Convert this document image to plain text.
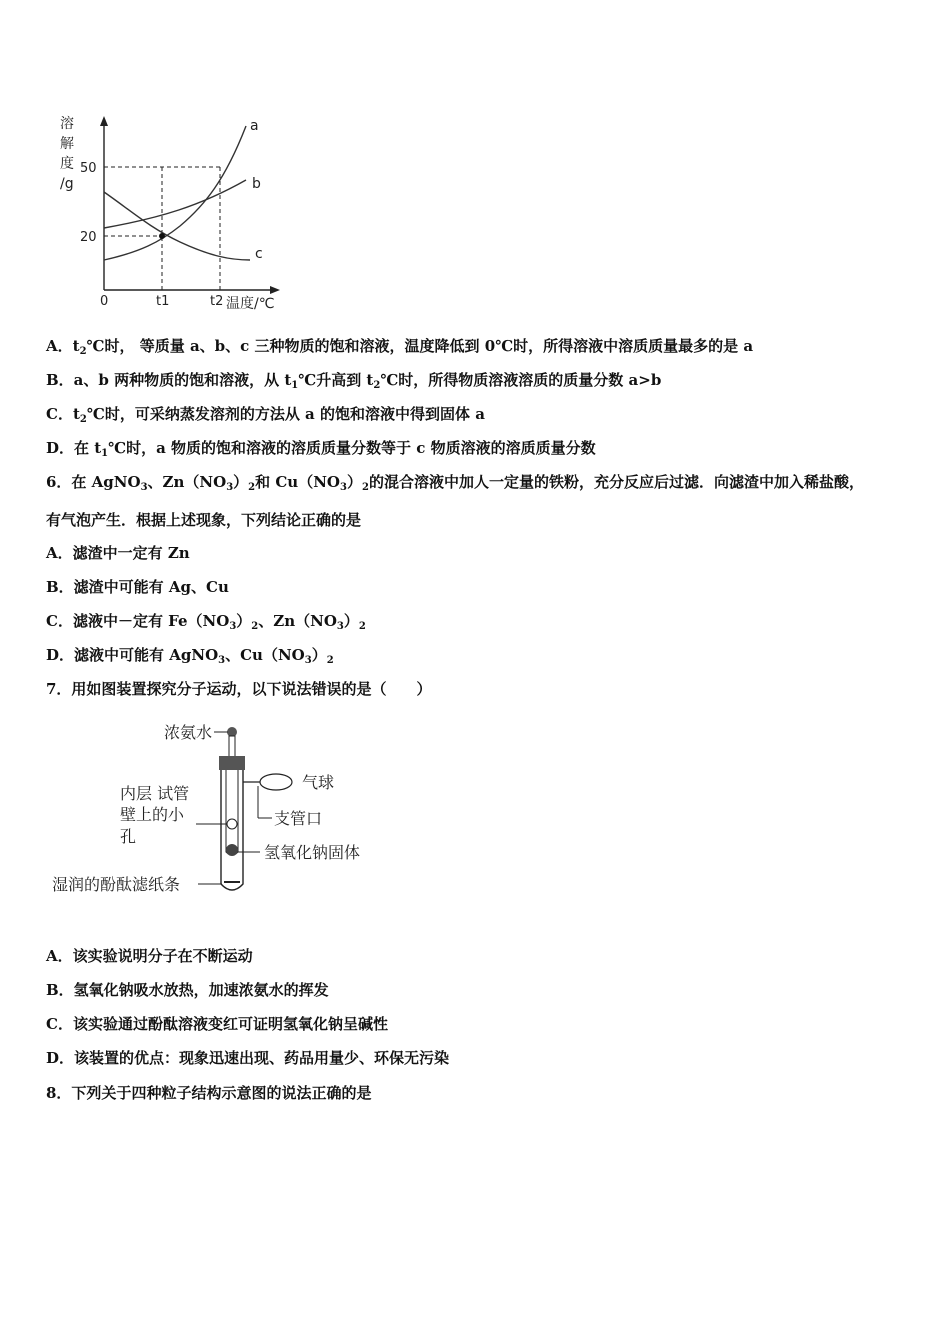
溶 解 度 /g
50
20
0	t1	t2 温度/℃
a
b
c
A．$t_2℃$时， 等质量 a、b、c 三种物质的饱和溶液，温度降低到 0℃时，所得溶液中溶质质量最多的是 a
B．a、b 两种物质的饱和溶液，从 $t_1℃$升高到 $t_2℃$时，所得物质溶液溶质的质量分数 a>b
C．$t_2℃$时，可采纳蒸发溶剂的方法从 a 的饱和溶液中得到固体 a
D．在 $t_1℃$时，a 物质的饱和溶液的溶质质量分数等于 c 物质溶液的溶质质量分数
6．在 AgNO$_3$、$Zn(NO_3)_2$和 $Cu(NO_3)_2$的混合溶液中加人一定量的铁粉，充分反应后过滤．向滤渣中加入稀盐酸，
有气泡产生．根据上述现象，下列结论正确的是
A．滤渣中一定有 Zn
B．滤渣中可能有 Ag、Cu
C．滤液中－定有 $Fe(NO_3)_2$、$Zn(NO_3)_2$
D．滤液中可能有 AgNO$_3$、$Cu(NO_3)_2$
7．用如图装置探究分子运动，以下说法错误的是（　　）
浓氨水
气球
内层 试管
壁上的小
孔
支管口
氢氧化钠固体
湿润的酚酞滤纸条
A．该实验说明分子在不断运动
B．氢氧化钠吸水放热，加速浓氨水的挥发
C．该实验通过酚酞溶液变红可证明氢氧化钠呈碱性
D．该装置的优点：现象迅速出现、药品用量少、环保无污染
8．下列关于四种粒子结构示意图的说法正确的是
